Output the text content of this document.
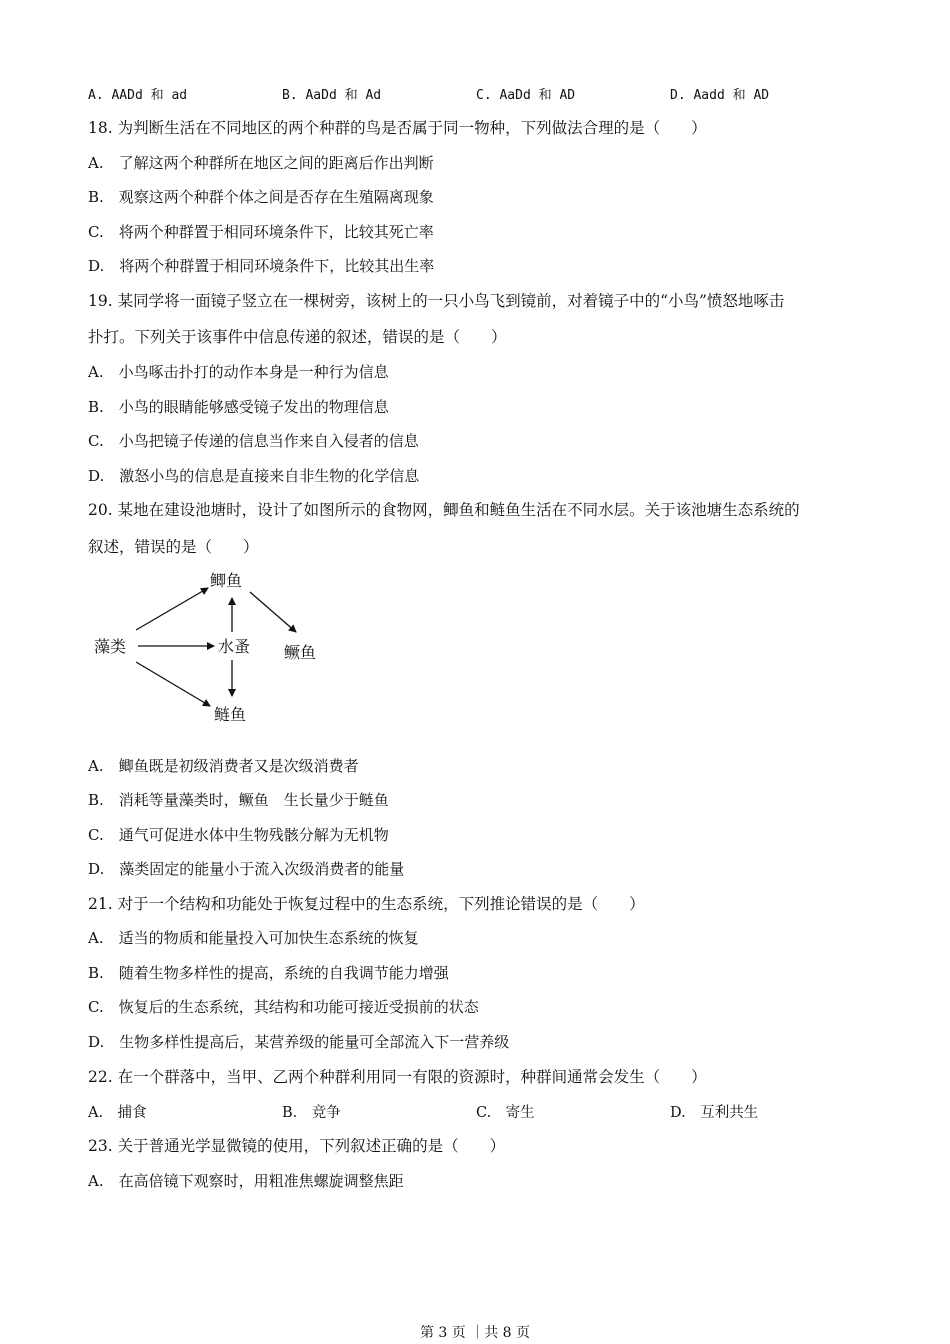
A. AADd 和 ad	B. AaDd 和 Ad	C. AaDd 和 AD	D. Aadd 和 AD
18. 为判断生活在不同地区的两个种群的鸟是否属于同一物种，下列做法合理的是（　　）
A.　了解这两个种群所在地区之间的距离后作出判断
B.　观察这两个种群个体之间是否存在生殖隔离现象
C.　将两个种群置于相同环境条件下，比较其死亡率
D.　将两个种群置于相同环境条件下，比较其出生率
19. 某同学将一面镜子竖立在一棵树旁，该树上的一只小鸟飞到镜前，对着镜子中的“小鸟”愤怒地啄击
扑打。下列关于该事件中信息传递的叙述，错误的是（　　）
A.　小鸟啄击扑打的动作本身是一种行为信息
B.　小鸟的眼睛能够感受镜子发出的物理信息
C.　小鸟把镜子传递的信息当作来自入侵者的信息
D.　激怒小鸟的信息是直接来自非生物的化学信息
20. 某地在建设池塘时，设计了如图所示的食物网，鲫鱼和鲢鱼生活在不同水层。关于该池塘生态系统的
叙述，错误的是（　　）
鲫鱼
藻类	水蚤 鳜鱼
鲢鱼
A.　鲫鱼既是初级消费者又是次级消费者
B.　消耗等量藻类时，鳜鱼　生长量少于鲢鱼
C.　通气可促进水体中生物残骸分解为无机物
D.　藻类固定的能量小于流入次级消费者的能量
21. 对于一个结构和功能处于恢复过程中的生态系统，下列推论错误的是（　　）
A.　适当的物质和能量投入可加快生态系统的恢复
B.　随着生物多样性的提高，系统的自我调节能力增强
C.　恢复后的生态系统，其结构和功能可接近受损前的状态
D.　生物多样性提高后，某营养级的能量可全部流入下一营养级
22. 在一个群落中，当甲、乙两个种群利用同一有限的资源时，种群间通常会发生（　　）
A.　捕食	B.　竞争	C.　寄生	D.　互利共生
23. 关于普通光学显微镜的使用，下列叙述正确的是（　　）
A.　在高倍镜下观察时，用粗准焦螺旋调整焦距
第 3 页 ｜共 8 页
